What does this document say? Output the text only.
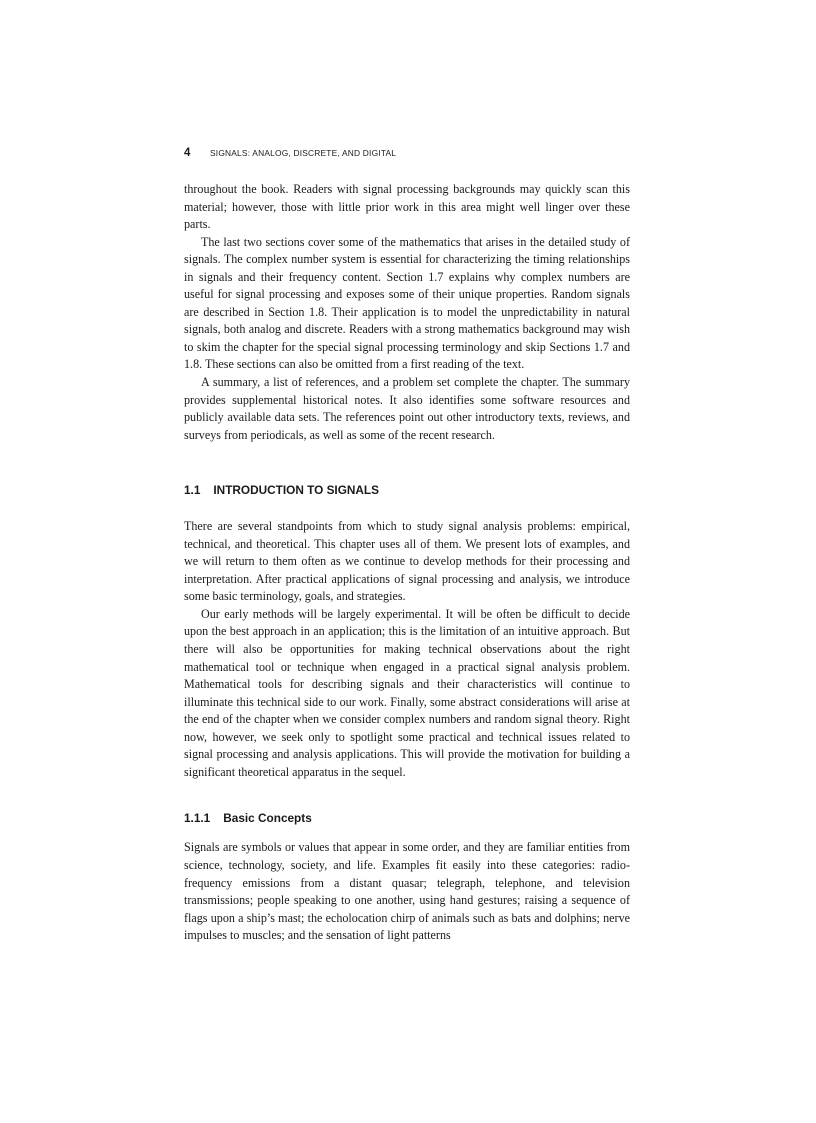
4	SIGNALS: ANALOG, DISCRETE, AND DIGITAL

throughout the book. Readers with signal processing backgrounds may quickly scan this material; however, those with little prior work in this area might well linger over these parts.

The last two sections cover some of the mathematics that arises in the detailed study of signals. The complex number system is essential for characterizing the timing relationships in signals and their frequency content. Section 1.7 explains why complex numbers are useful for signal processing and exposes some of their unique properties. Random signals are described in Section 1.8. Their application is to model the unpredictability in natural signals, both analog and discrete. Readers with a strong mathematics background may wish to skim the chapter for the special signal processing terminology and skip Sections 1.7 and 1.8. These sections can also be omitted from a first reading of the text.

A summary, a list of references, and a problem set complete the chapter. The summary provides supplemental historical notes. It also identifies some software resources and publicly available data sets. The references point out other introductory texts, reviews, and surveys from periodicals, as well as some of the recent research.

1.1 INTRODUCTION TO SIGNALS

There are several standpoints from which to study signal analysis problems: empirical, technical, and theoretical. This chapter uses all of them. We present lots of examples, and we will return to them often as we continue to develop methods for their processing and interpretation. After practical applications of signal processing and analysis, we introduce some basic terminology, goals, and strategies.

Our early methods will be largely experimental. It will be often be difficult to decide upon the best approach in an application; this is the limitation of an intuitive approach. But there will also be opportunities for making technical observations about the right mathematical tool or technique when engaged in a practical signal analysis problem. Mathematical tools for describing signals and their characteristics will continue to illuminate this technical side to our work. Finally, some abstract considerations will arise at the end of the chapter when we consider complex numbers and random signal theory. Right now, however, we seek only to spotlight some practical and technical issues related to signal processing and analysis applications. This will provide the motivation for building a significant theoretical apparatus in the sequel.

1.1.1 Basic Concepts

Signals are symbols or values that appear in some order, and they are familiar entities from science, technology, society, and life. Examples fit easily into these categories: radio-frequency emissions from a distant quasar; telegraph, telephone, and television transmissions; people speaking to one another, using hand gestures; raising a sequence of flags upon a ship’s mast; the echolocation chirp of animals such as bats and dolphins; nerve impulses to muscles; and the sensation of light patterns
